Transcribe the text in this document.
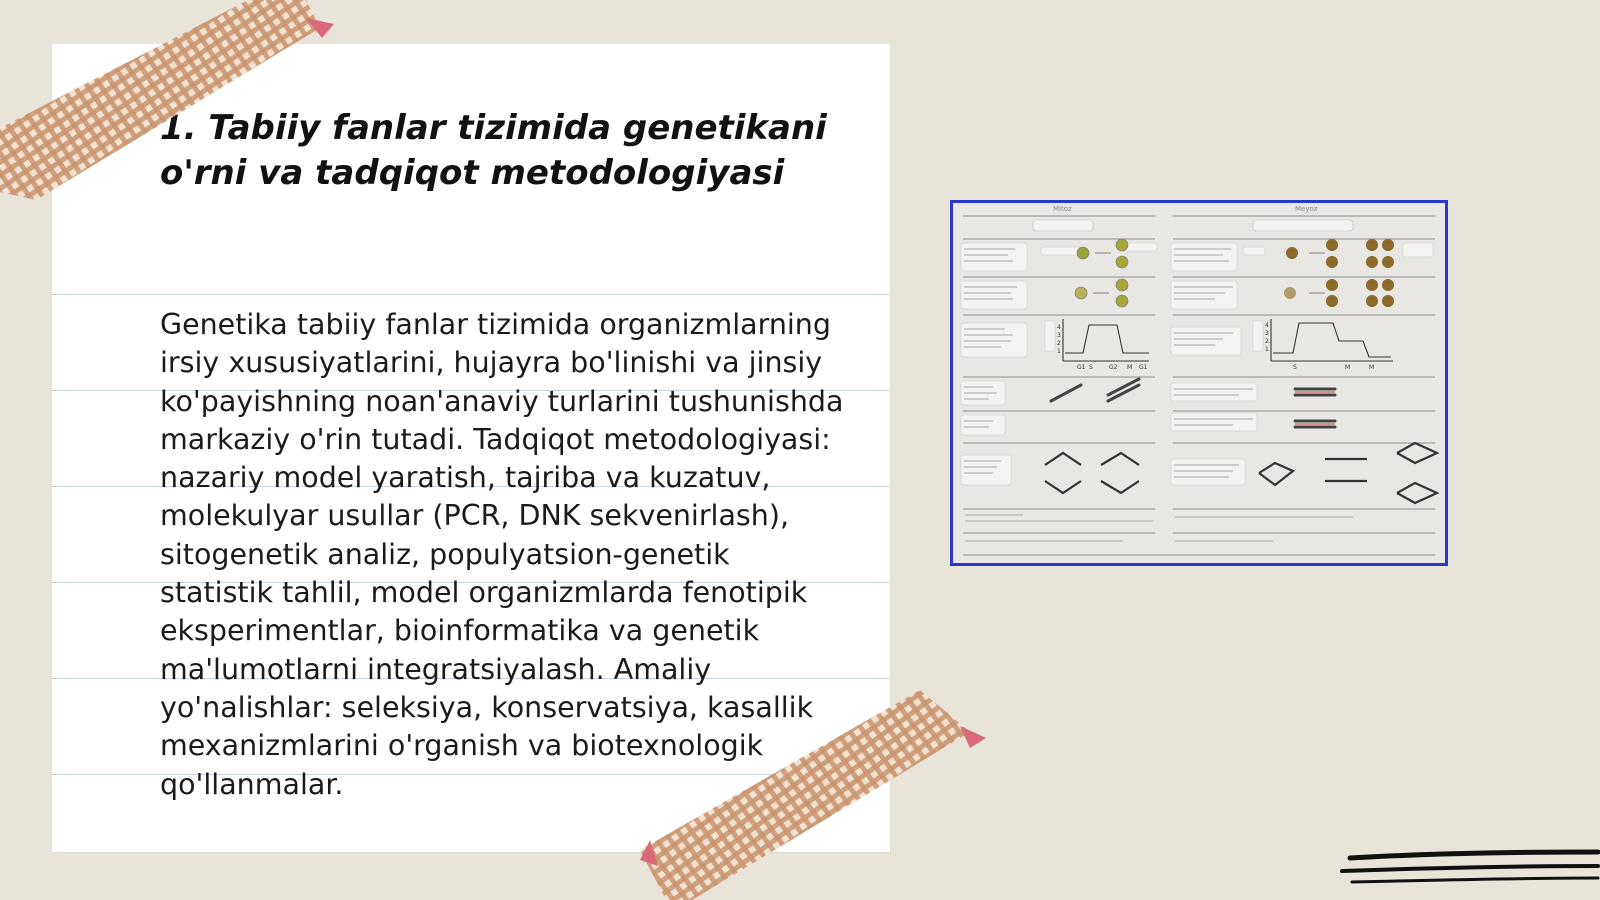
1. Tabiiy fanlar tizimida genetikani
o'rni va tadqiqot metodologiyasi

Genetika tabiiy fanlar tizimida organizmlarning irsiy xususiyatlarini, hujayra bo'linishi va jinsiy ko'payishning noan'anaviy turlarini tushunishda markaziy o'rin tutadi. Tadqiqot metodologiyasi: nazariy model yaratish, tajriba va kuzatuv, molekulyar usullar (PCR, DNK sekvenirlash), sitogenetik analiz, populyatsion-genetik statistik tahlil, model organizmlarda fenotipik eksperimentlar, bioinformatika va genetik ma'lumotlarni integratsiyalash. Amaliy yo'nalishlar: seleksiya, konservatsiya, kasallik mexanizmlarini o'rganish va biotexnologik qo'llanmalar.

Mitoz	Meyoz
4
3
2
1
G1 S	G2 M G1
4
3
2
1
S	M	M
